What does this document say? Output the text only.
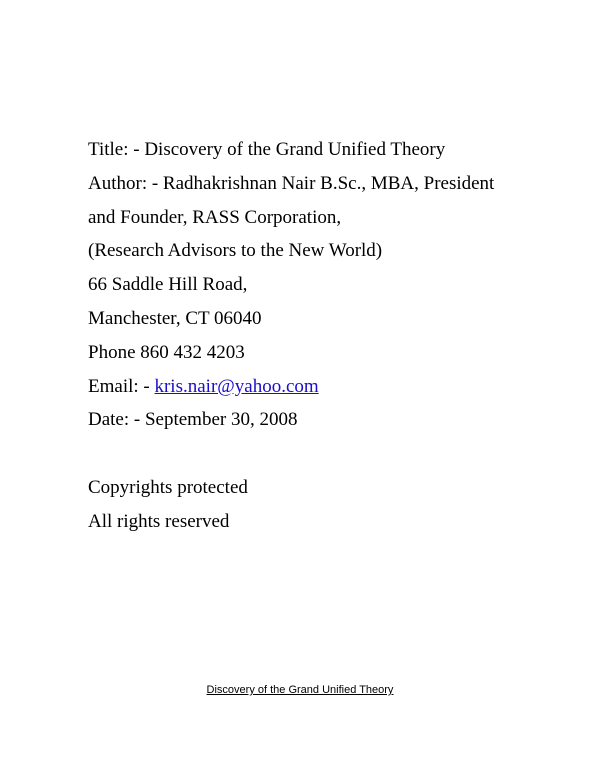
Title: - Discovery of the Grand Unified Theory
Author: - Radhakrishnan Nair B.Sc., MBA, President
and Founder, RASS Corporation,
(Research Advisors to the New World)
66 Saddle Hill Road,
Manchester, CT 06040
Phone 860 432 4203
Email: - kris.nair@yahoo.com
Date: - September 30, 2008
Copyrights protected
All rights reserved
Discovery of the Grand Unified Theory
